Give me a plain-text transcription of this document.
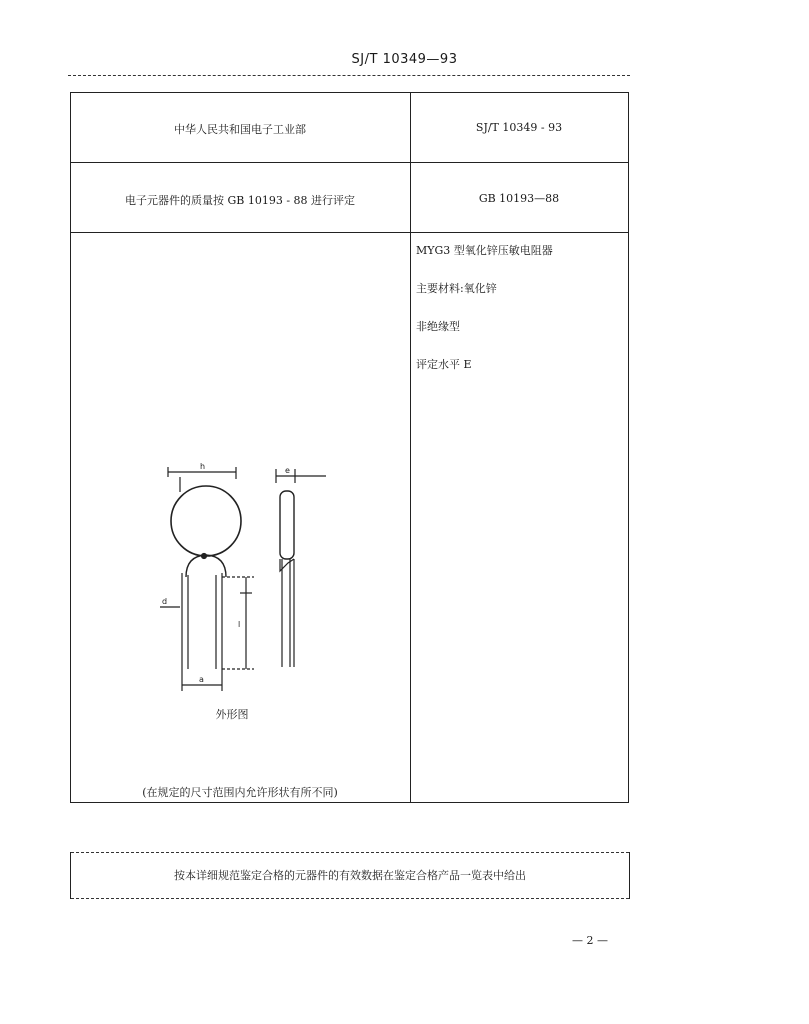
SJ/T 10349—93
中华人民共和国电子工业部	SJ/T 10349 - 93
电子元器件的质量按 GB 10193 - 88 进行评定	GB 10193—88
MYG3 型氧化锌压敏电阻器
主要材料:氧化锌
非绝缘型
评定水平 E
h	e
d
l
a
外形图
(在规定的尺寸范围内允许形状有所不同)
按本详细规范鉴定合格的元器件的有效数据在鉴定合格产品一览表中给出
— 2 —
